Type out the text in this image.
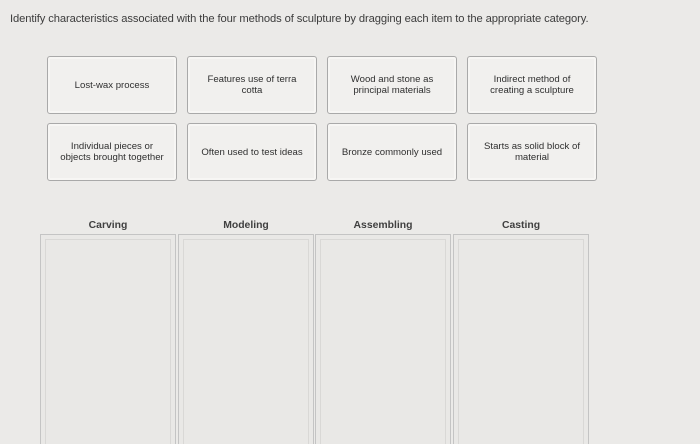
Identify characteristics associated with the four methods of sculpture by dragging each item to the appropriate category.
Lost-wax process	Features use of terra cotta
Wood and stone as principal materials
Indirect method of creating a sculpture
Individual pieces or objects brought together	Often used to test ideas	Bronze commonly used	Starts as solid block of material
Carving	Modeling	Assembling	Casting
